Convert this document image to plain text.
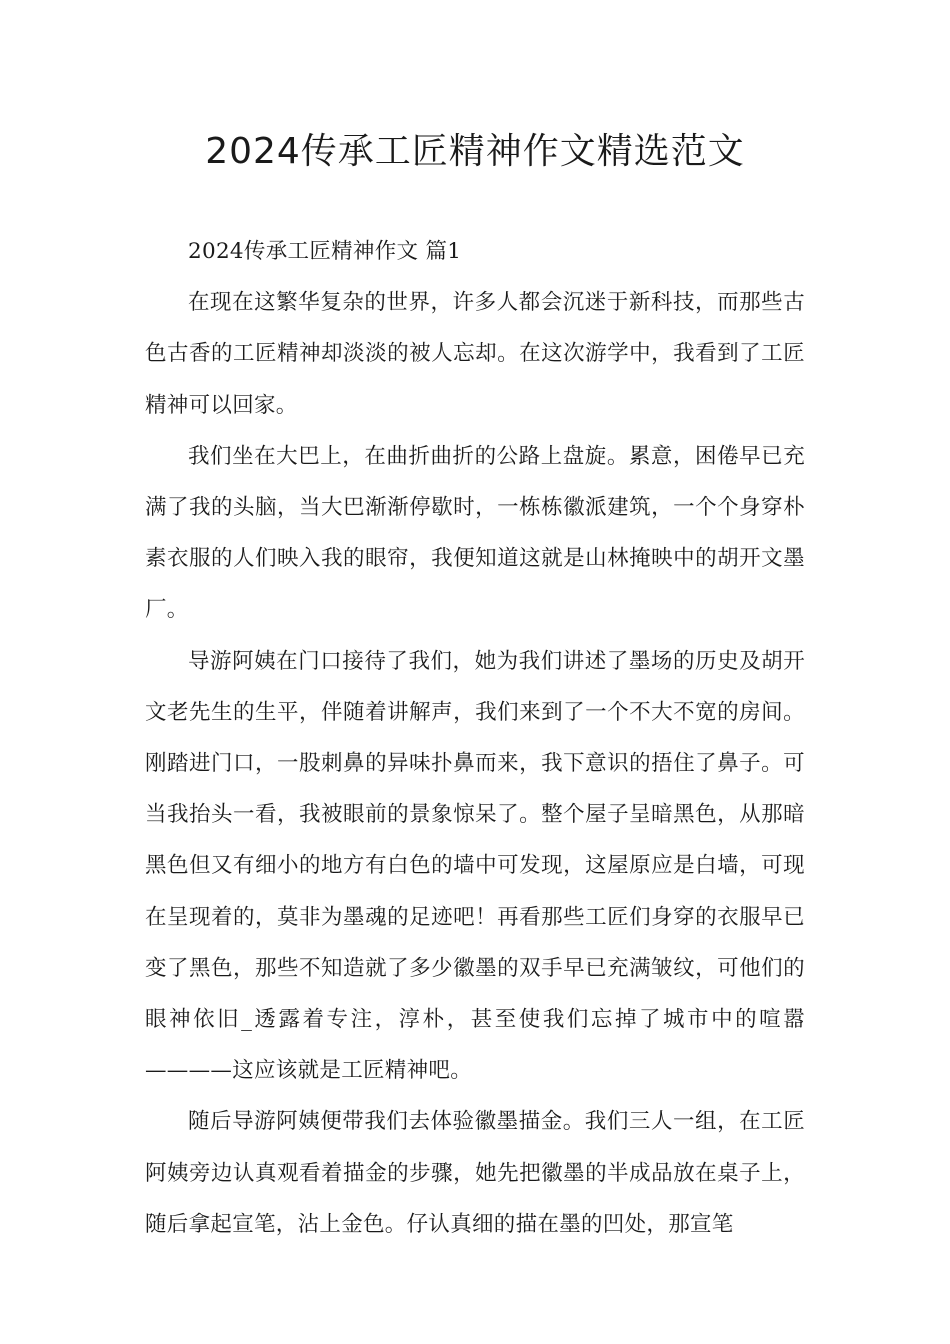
2024传承工匠精神作文精选范文

2024传承工匠精神作文 篇1

在现在这繁华复杂的世界，许多人都会沉迷于新科技，而那些古色古香的工匠精神却淡淡的被人忘却。在这次游学中，我看到了工匠精神可以回家。

我们坐在大巴上，在曲折曲折的公路上盘旋。累意，困倦早已充满了我的头脑，当大巴渐渐停歇时，一栋栋徽派建筑，一个个身穿朴素衣服的人们映入我的眼帘，我便知道这就是山林掩映中的胡开文墨厂。

导游阿姨在门口接待了我们，她为我们讲述了墨场的历史及胡开文老先生的生平，伴随着讲解声，我们来到了一个不大不宽的房间。刚踏进门口，一股刺鼻的异味扑鼻而来，我下意识的捂住了鼻子。可当我抬头一看，我被眼前的景象惊呆了。整个屋子呈暗黑色，从那暗黑色但又有细小的地方有白色的墙中可发现，这屋原应是白墙，可现在呈现着的，莫非为墨魂的足迹吧！再看那些工匠们身穿的衣服早已变了黑色，那些不知造就了多少徽墨的双手早已充满皱纹，可他们的眼神依旧_透露着专注，淳朴，甚至使我们忘掉了城市中的喧嚣————这应该就是工匠精神吧。

随后导游阿姨便带我们去体验徽墨描金。我们三人一组，在工匠阿姨旁边认真观看着描金的步骤，她先把徽墨的半成品放在桌子上，随后拿起宣笔，沾上金色。仔认真细的描在墨的凹处，那宣笔
